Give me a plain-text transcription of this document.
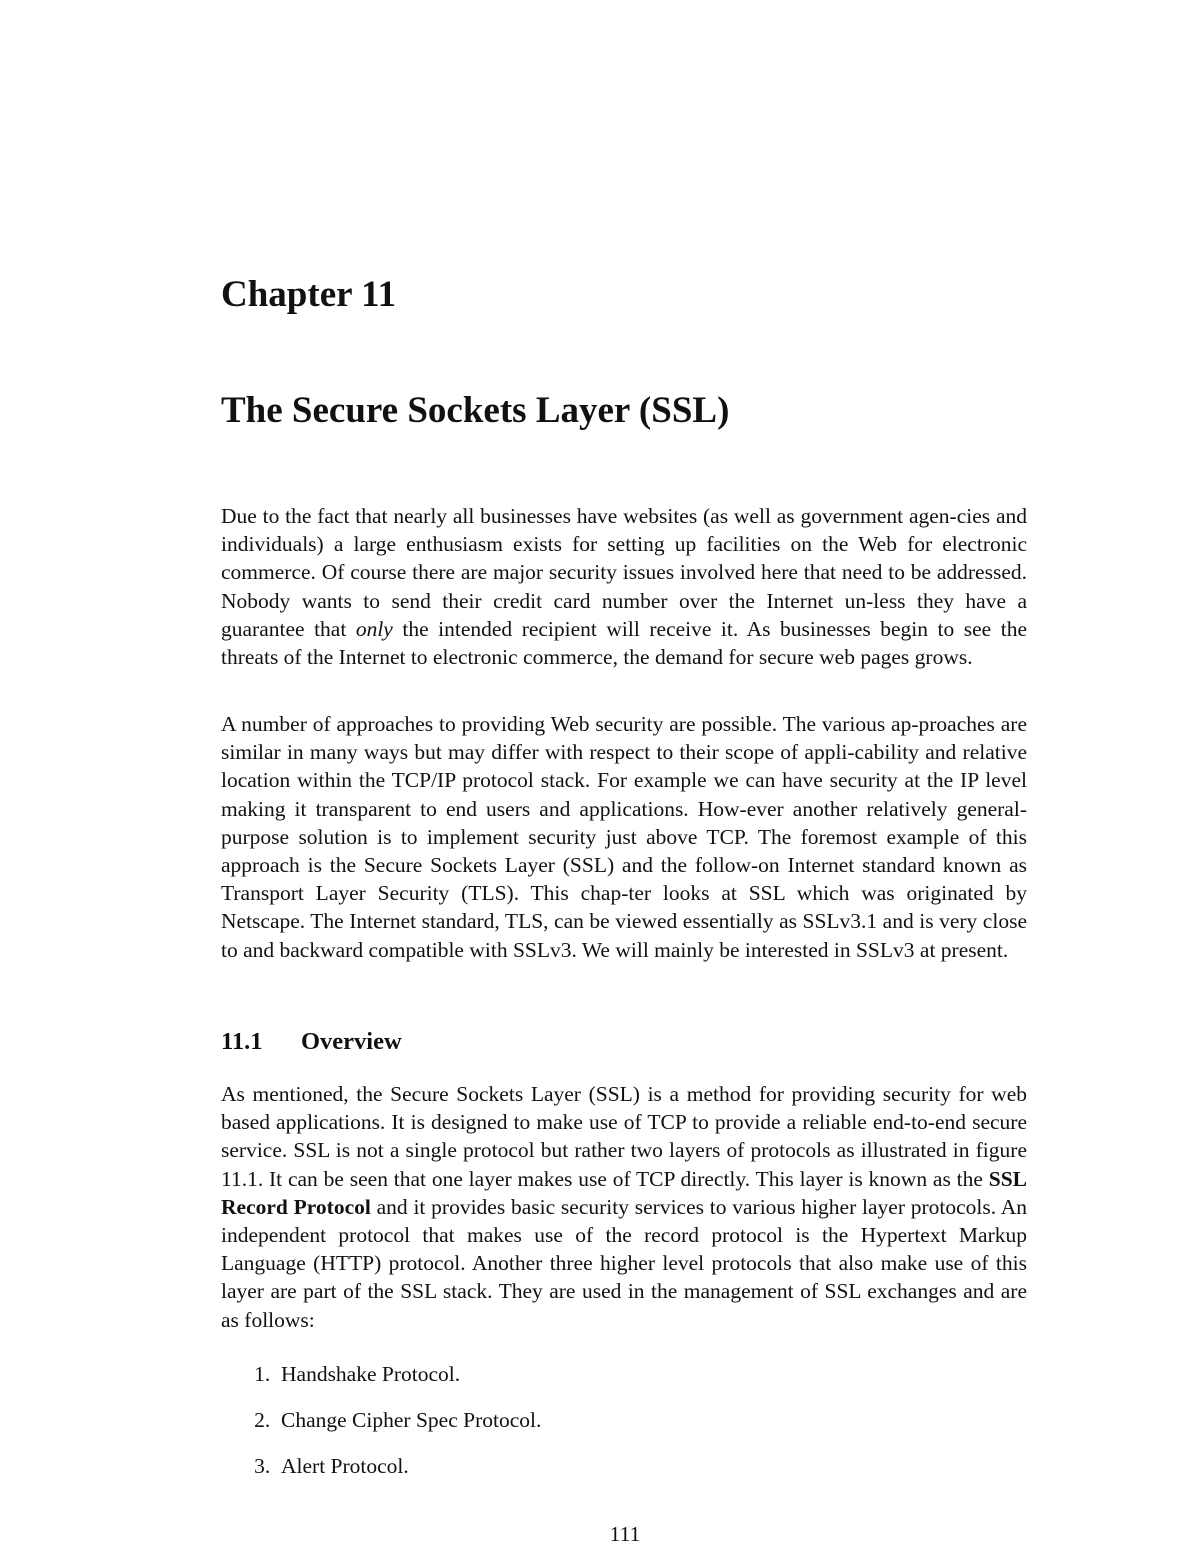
Chapter 11
The Secure Sockets Layer (SSL)

Due to the fact that nearly all businesses have websites (as well as government agen-cies and individuals) a large enthusiasm exists for setting up facilities on the Web for electronic commerce. Of course there are major security issues involved here that need to be addressed. Nobody wants to send their credit card number over the Internet un-less they have a guarantee that only the intended recipient will receive it. As businesses begin to see the threats of the Internet to electronic commerce, the demand for secure web pages grows.

A number of approaches to providing Web security are possible. The various ap-proaches are similar in many ways but may differ with respect to their scope of appli-cability and relative location within the TCP/IP protocol stack. For example we can have security at the IP level making it transparent to end users and applications. How-ever another relatively general-purpose solution is to implement security just above TCP. The foremost example of this approach is the Secure Sockets Layer (SSL) and the follow-on Internet standard known as Transport Layer Security (TLS). This chap-ter looks at SSL which was originated by Netscape. The Internet standard, TLS, can be viewed essentially as SSLv3.1 and is very close to and backward compatible with SSLv3. We will mainly be interested in SSLv3 at present.

11.1 Overview

As mentioned, the Secure Sockets Layer (SSL) is a method for providing security for web based applications. It is designed to make use of TCP to provide a reliable end-to-end secure service. SSL is not a single protocol but rather two layers of protocols as illustrated in figure 11.1. It can be seen that one layer makes use of TCP directly. This layer is known as the SSL Record Protocol and it provides basic security services to various higher layer protocols. An independent protocol that makes use of the record protocol is the Hypertext Markup Language (HTTP) protocol. Another three higher level protocols that also make use of this layer are part of the SSL stack. They are used in the management of SSL exchanges and are as follows:

1. Handshake Protocol.
2. Change Cipher Spec Protocol.
3. Alert Protocol.

111
